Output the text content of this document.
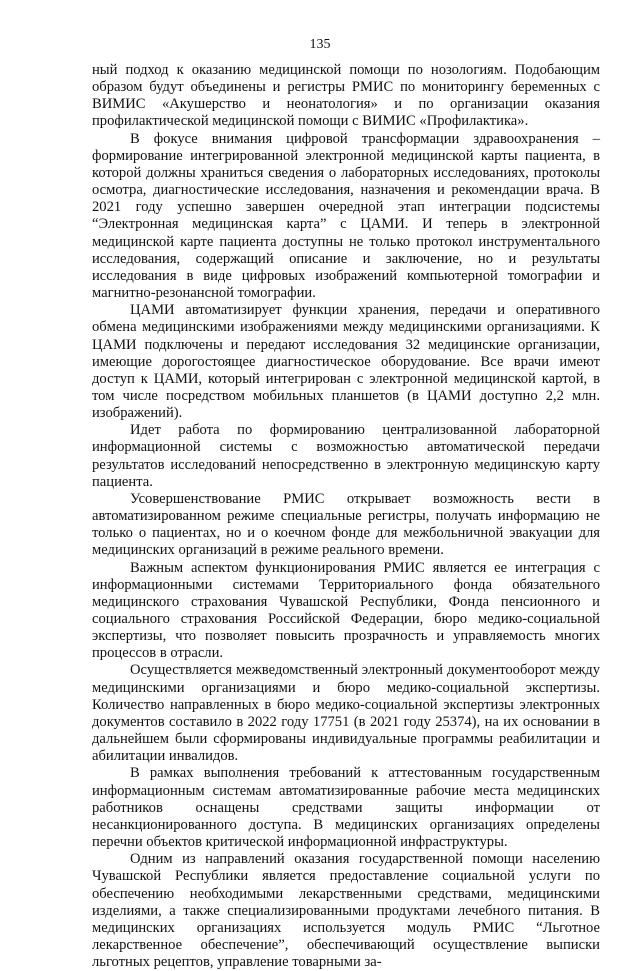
135

ный подход к оказанию медицинской помощи по нозологиям. Подобающим образом будут объединены и регистры РМИС по мониторингу беременных с ВИМИС «Акушерство и неонатология» и по организации оказания профилактической медицинской помощи с ВИМИС «Профилактика».

В фокусе внимания цифровой трансформации здравоохранения – формирование интегрированной электронной медицинской карты пациента, в которой должны храниться сведения о лабораторных исследованиях, протоколы осмотра, диагностические исследования, назначения и рекомендации врача. В 2021 году успешно завершен очередной этап интеграции подсистемы “Электронная медицинская карта” с ЦАМИ. И теперь в электронной медицинской карте пациента доступны не только протокол инструментального исследования, содержащий описание и заключение, но и результаты исследования в виде цифровых изображений компьютерной томографии и магнитно-резонансной томографии.

ЦАМИ автоматизирует функции хранения, передачи и оперативного обмена медицинскими изображениями между медицинскими организациями. К ЦАМИ подключены и передают исследования 32 медицинские организации, имеющие дорогостоящее диагностическое оборудование. Все врачи имеют доступ к ЦАМИ, который интегрирован с электронной медицинской картой, в том числе посредством мобильных планшетов (в ЦАМИ доступно 2,2 млн. изображений).

Идет работа по формированию централизованной лабораторной информационной системы с возможностью автоматической передачи результатов исследований непосредственно в электронную медицинскую карту пациента.

Усовершенствование РМИС открывает возможность вести в автоматизированном режиме специальные регистры, получать информацию не только о пациентах, но и о коечном фонде для межбольничной эвакуации для медицинских организаций в режиме реального времени.

Важным аспектом функционирования РМИС является ее интеграция с информационными системами Территориального фонда обязательного медицинского страхования Чувашской Республики, Фонда пенсионного и социального страхования Российской Федерации, бюро медико-социальной экспертизы, что позволяет повысить прозрачность и управляемость многих процессов в отрасли.

Осуществляется межведомственный электронный документооборот между медицинскими организациями и бюро медико-социальной экспертизы. Количество направленных в бюро медико-социальной экспертизы электронных документов составило в 2022 году 17751 (в 2021 году 25374), на их основании в дальнейшем были сформированы индивидуальные программы реабилитации и абилитации инвалидов.

В рамках выполнения требований к аттестованным государственным информационным системам автоматизированные рабочие места медицинских работников оснащены средствами защиты информации от несанкционированного доступа. В медицинских организациях определены перечни объектов критической информационной инфраструктуры.

Одним из направлений оказания государственной помощи населению Чувашской Республики является предоставление социальной услуги по обеспечению необходимыми лекарственными средствами, медицинскими изделиями, а также специализированными продуктами лечебного питания. В медицинских организациях используется модуль РМИС “Льготное лекарственное обеспечение”, обеспечивающий осуществление выписки льготных рецептов, управление товарными за-
